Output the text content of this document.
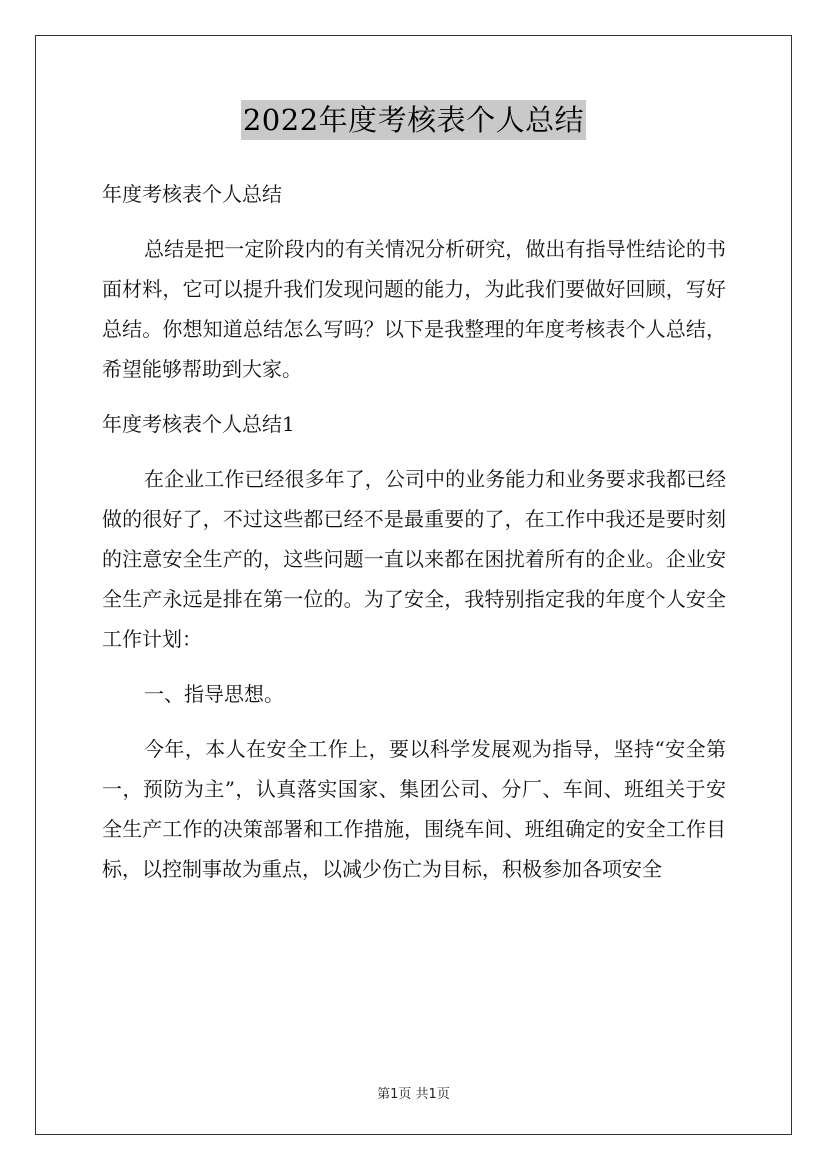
2022年度考核表个人总结

年度考核表个人总结

总结是把一定阶段内的有关情况分析研究，做出有指导性结论的书面材料，它可以提升我们发现问题的能力，为此我们要做好回顾，写好总结。你想知道总结怎么写吗？以下是我整理的年度考核表个人总结，希望能够帮助到大家。

年度考核表个人总结1

在企业工作已经很多年了，公司中的业务能力和业务要求我都已经做的很好了，不过这些都已经不是最重要的了，在工作中我还是要时刻的注意安全生产的，这些问题一直以来都在困扰着所有的企业。企业安全生产永远是排在第一位的。为了安全，我特别指定我的年度个人安全工作计划：

一、指导思想。

今年，本人在安全工作上，要以科学发展观为指导，坚持“安全第一，预防为主”，认真落实国家、集团公司、分厂、车间、班组关于安全生产工作的决策部署和工作措施，围绕车间、班组确定的安全工作目标，以控制事故为重点，以减少伤亡为目标，积极参加各项安全

第1页 共1页
